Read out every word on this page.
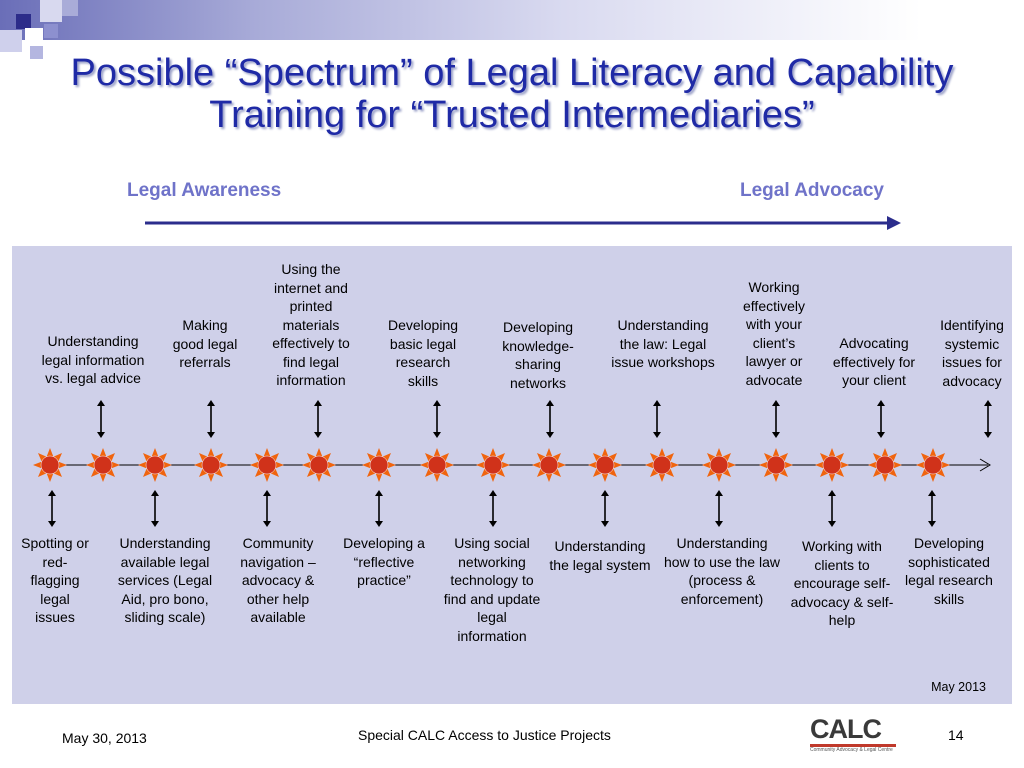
Possible “Spectrum” of Legal Literacy and Capability Training for “Trusted Intermediaries”
Legal Awareness	Legal Advocacy
Understanding legal information vs. legal advice
Making good legal referrals
Using the internet and printed materials effectively to find legal information
Developing basic legal research skills
Developing knowledge-sharing networks
Understanding the law: Legal issue workshops
Working effectively with your client’s lawyer or advocate
Advocating effectively for your client
Identifying systemic issues for advocacy
Spotting or red-flagging legal issues
Understanding available legal services (Legal Aid, pro bono, sliding scale)
Community navigation – advocacy & other help available
Developing a “reflective practice”
Using social networking technology to find and update legal information
Understanding the legal system
Understanding how to use the law (process & enforcement)
Working with clients to encourage self-advocacy & self-help
Developing sophisticated legal research skills
May 2013
May 30, 2013	Special CALC Access to Justice Projects	14
CALC
Community Advocacy & Legal Centre
